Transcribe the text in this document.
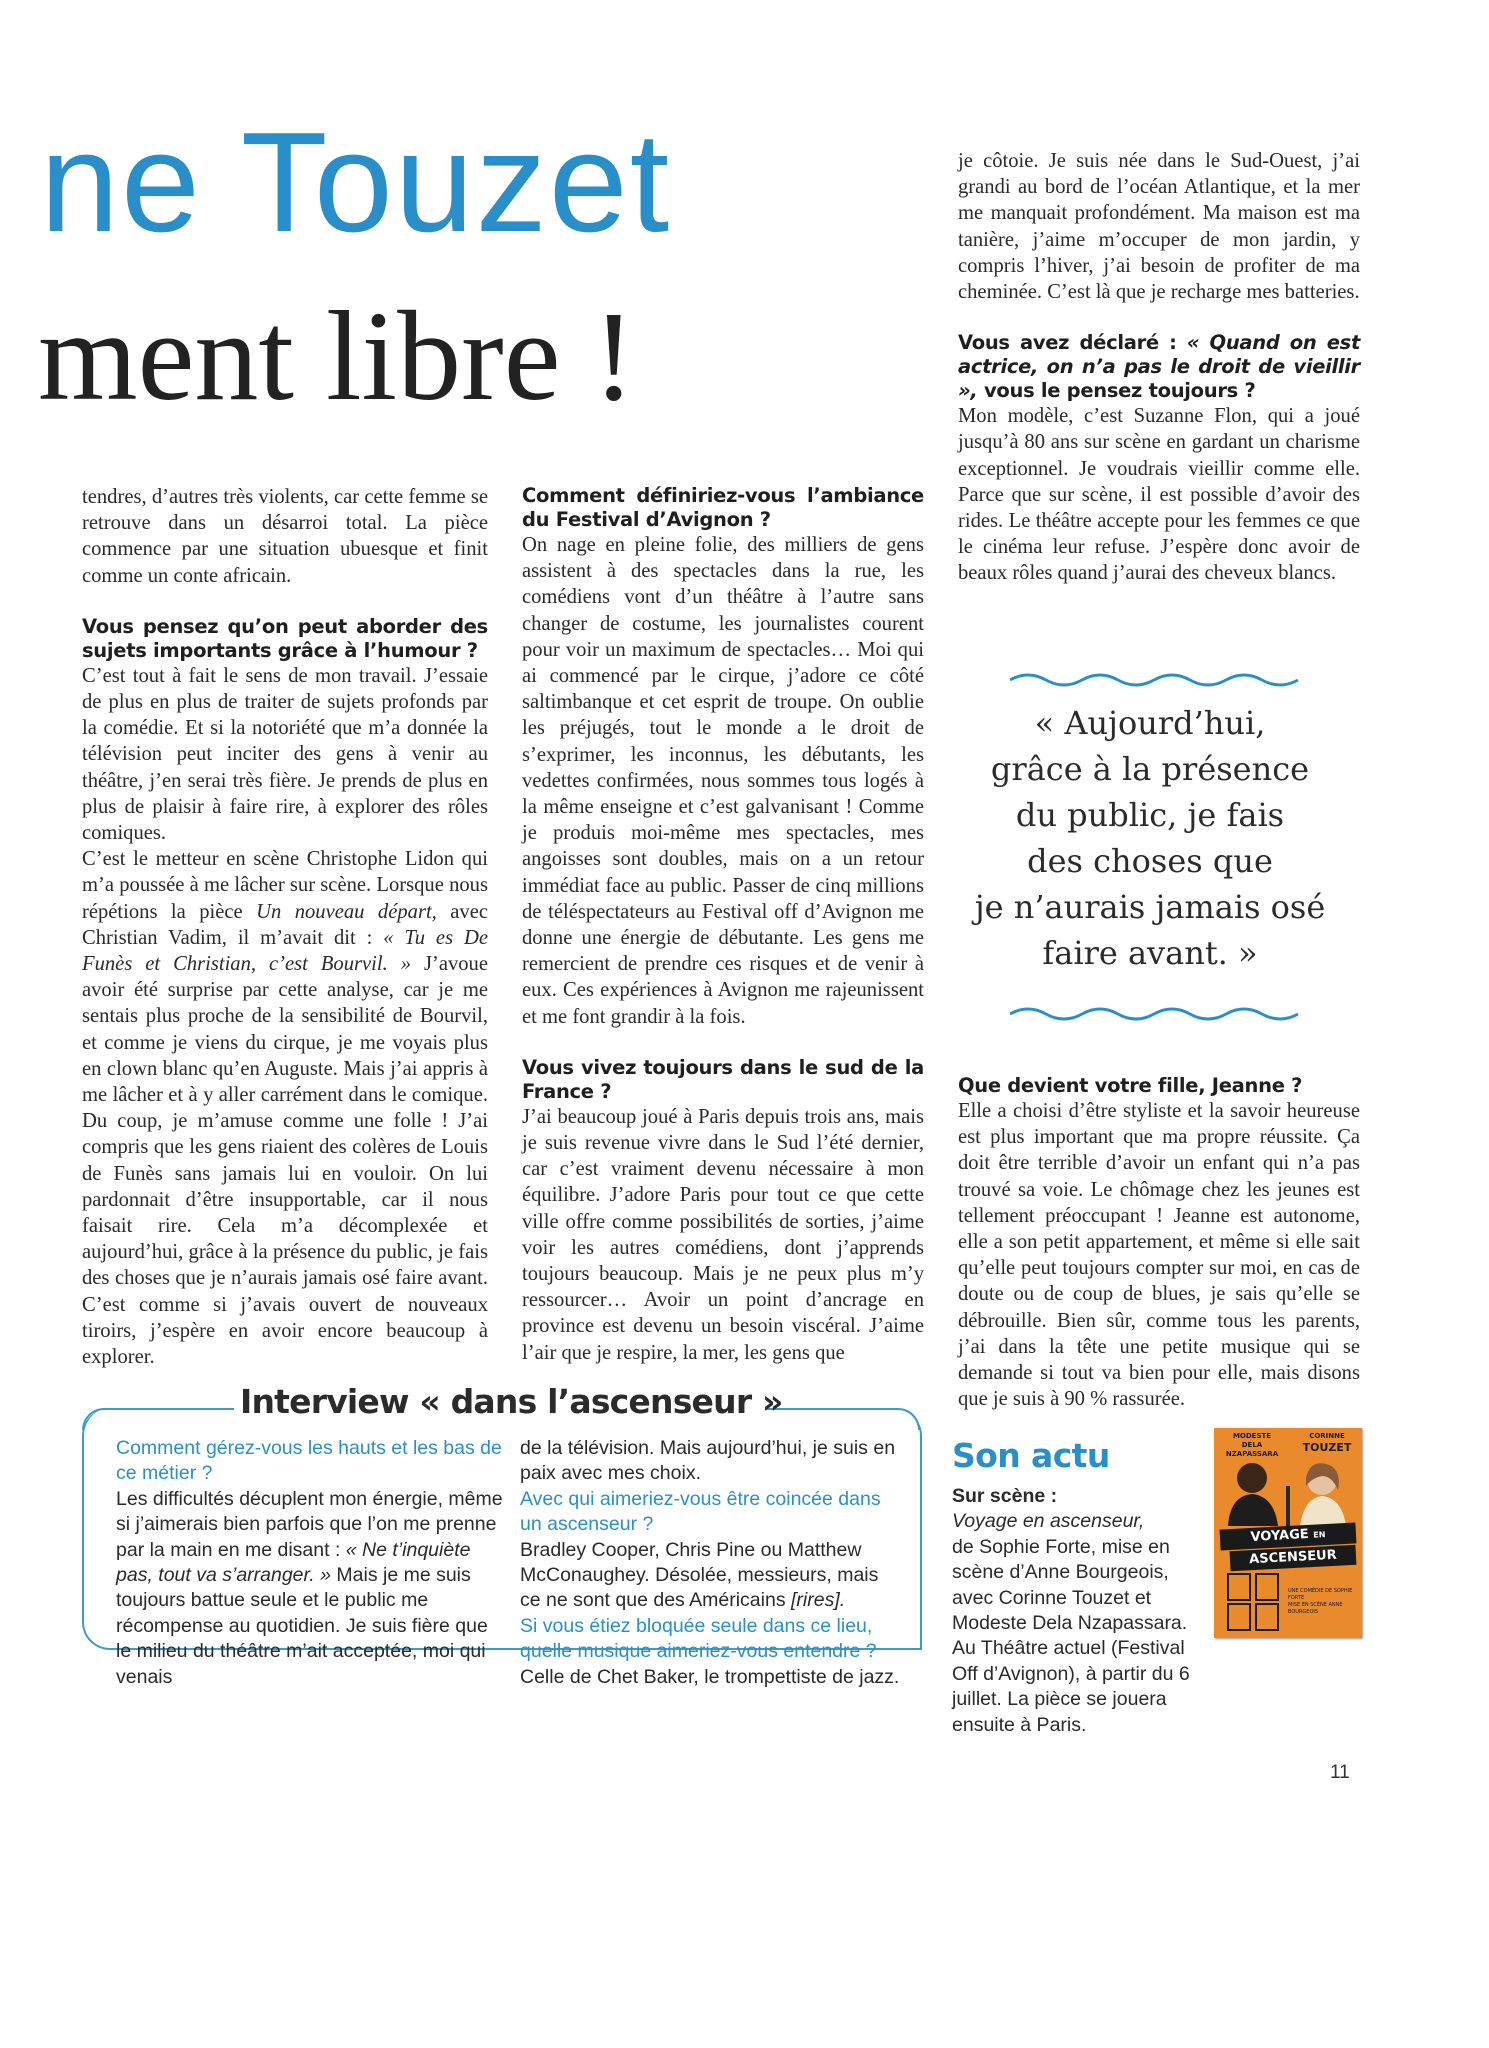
ne Touzet
ment libre !

tendres, d’autres très violents, car cette femme se retrouve dans un désarroi total. La pièce commence par une situation ubuesque et finit comme un conte africain.

Vous pensez qu’on peut aborder des sujets importants grâce à l’humour ?

C’est tout à fait le sens de mon travail. J’essaie de plus en plus de traiter de sujets profonds par la comédie. Et si la notoriété que m’a donnée la télévision peut inciter des gens à venir au théâtre, j’en serai très fière. Je prends de plus en plus de plaisir à faire rire, à explorer des rôles comiques.

C’est le metteur en scène Christophe Lidon qui m’a poussée à me lâcher sur scène. Lorsque nous répétions la pièce Un nouveau départ, avec Christian Vadim, il m’avait dit : « Tu es De Funès et Christian, c’est Bourvil. » J’avoue avoir été surprise par cette analyse, car je me sentais plus proche de la sensibilité de Bourvil, et comme je viens du cirque, je me voyais plus en clown blanc qu’en Auguste. Mais j’ai appris à me lâcher et à y aller carrément dans le comique. Du coup, je m’amuse comme une folle ! J’ai compris que les gens riaient des colères de Louis de Funès sans jamais lui en vouloir. On lui pardonnait d’être insupportable, car il nous faisait rire. Cela m’a décomplexée et aujourd’hui, grâce à la présence du public, je fais des choses que je n’aurais jamais osé faire avant. C’est comme si j’avais ouvert de nouveaux tiroirs, j’espère en avoir encore beaucoup à explorer.

Comment définiriez-vous l’ambiance du Festival d’Avignon ?

On nage en pleine folie, des milliers de gens assistent à des spectacles dans la rue, les comédiens vont d’un théâtre à l’autre sans changer de costume, les journalistes courent pour voir un maximum de spectacles… Moi qui ai commencé par le cirque, j’adore ce côté saltimbanque et cet esprit de troupe. On oublie les préjugés, tout le monde a le droit de s’exprimer, les inconnus, les débutants, les vedettes confirmées, nous sommes tous logés à la même enseigne et c’est galvanisant ! Comme je produis moi-même mes spectacles, mes angoisses sont doubles, mais on a un retour immédiat face au public. Passer de cinq millions de téléspectateurs au Festival off d’Avignon me donne une énergie de débutante. Les gens me remercient de prendre ces risques et de venir à eux. Ces expériences à Avignon me rajeunissent et me font grandir à la fois.

Vous vivez toujours dans le sud de la France ?

J’ai beaucoup joué à Paris depuis trois ans, mais je suis revenue vivre dans le Sud l’été dernier, car c’est vraiment devenu nécessaire à mon équilibre. J’adore Paris pour tout ce que cette ville offre comme possibilités de sorties, j’aime voir les autres comédiens, dont j’apprends toujours beaucoup. Mais je ne peux plus m’y ressourcer… Avoir un point d’ancrage en province est devenu un besoin viscéral. J’aime l’air que je respire, la mer, les gens que

je côtoie. Je suis née dans le Sud-Ouest, j’ai grandi au bord de l’océan Atlantique, et la mer me manquait profondément. Ma maison est ma tanière, j’aime m’occuper de mon jardin, y compris l’hiver, j’ai besoin de profiter de ma cheminée. C’est là que je recharge mes batteries.

Vous avez déclaré : « Quand on est actrice, on n’a pas le droit de vieillir », vous le pensez toujours ?

Mon modèle, c’est Suzanne Flon, qui a joué jusqu’à 80 ans sur scène en gardant un charisme exceptionnel. Je voudrais vieillir comme elle. Parce que sur scène, il est possible d’avoir des rides. Le théâtre accepte pour les femmes ce que le cinéma leur refuse. J’espère donc avoir de beaux rôles quand j’aurai des cheveux blancs.

« Aujourd’hui,

grâce à la présence

du public, je fais

des choses que

je n’aurais jamais osé

faire avant. »

Que devient votre fille, Jeanne ?

Elle a choisi d’être styliste et la savoir heureuse est plus important que ma propre réussite. Ça doit être terrible d’avoir un enfant qui n’a pas trouvé sa voie. Le chômage chez les jeunes est tellement préoccupant ! Jeanne est autonome, elle a son petit appartement, et même si elle sait qu’elle peut toujours compter sur moi, en cas de doute ou de coup de blues, je sais qu’elle se débrouille. Bien sûr, comme tous les parents, j’ai dans la tête une petite musique qui se demande si tout va bien pour elle, mais disons que je suis à 90 % rassurée.

Interview « dans l’ascenseur »

Comment gérez-vous les hauts et les bas de ce métier ?

Les difficultés décuplent mon énergie, même si j’aimerais bien parfois que l’on me prenne par la main en me disant : « Ne t’inquiète pas, tout va s’arranger. » Mais je me suis toujours battue seule et le public me récompense au quotidien. Je suis fière que le milieu du théâtre m’ait acceptée, moi qui venais

de la télévision. Mais aujourd’hui, je suis en paix avec mes choix.

Avec qui aimeriez-vous être coincée dans un ascenseur ?

Bradley Cooper, Chris Pine ou Matthew McConaughey. Désolée, messieurs, mais ce ne sont que des Américains [rires].

Si vous étiez bloquée seule dans ce lieu, quelle musique aimeriez-vous entendre ?

Celle de Chet Baker, le trompettiste de jazz.

Son actu

Sur scène :

Voyage en ascenseur,

de Sophie Forte, mise en scène d’Anne Bourgeois, avec Corinne Touzet et Modeste Dela Nzapassara. Au Théâtre actuel (Festival Off d’Avignon), à partir du 6 juillet. La pièce se jouera ensuite à Paris.

MODESTE
DELA NZAPASSARA
CORINNE
TOUZET
VOYAGE EN
ASCENSEUR
UNE COMÉDIE DE SOPHIE FORTE
MISE EN SCÈNE ANNE BOURGEOIS
11
